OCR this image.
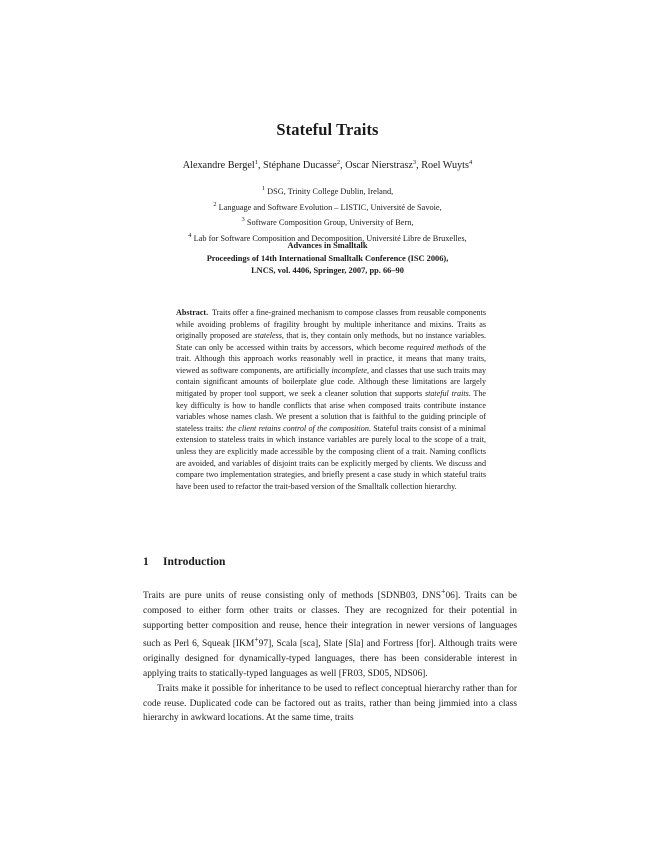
Stateful Traits
Alexandre Bergel$^1$, Stéphane Ducasse$^2$, Oscar Nierstrasz$^3$, Roel Wuyts$^4$
$^1$ DSG, Trinity College Dublin, Ireland,
$^2$ Language and Software Evolution – LISTIC, Université de Savoie,
$^3$ Software Composition Group, University of Bern,
$^4$ Lab for Software Composition and Decomposition, Université Libre de Bruxelles,
Advances in Smalltalk
Proceedings of 14th International Smalltalk Conference (ISC 2006),
LNCS, vol. 4406, Springer, 2007, pp. 66–90
Abstract. Traits offer a fine-grained mechanism to compose classes from reusable components while avoiding problems of fragility brought by multiple inheritance and mixins. Traits as originally proposed are stateless, that is, they contain only methods, but no instance variables. State can only be accessed within traits by accessors, which become required methods of the trait. Although this approach works reasonably well in practice, it means that many traits, viewed as software components, are artificially incomplete, and classes that use such traits may contain significant amounts of boilerplate glue code. Although these limitations are largely mitigated by proper tool support, we seek a cleaner solution that supports stateful traits. The key difficulty is how to handle conflicts that arise when composed traits contribute instance variables whose names clash. We present a solution that is faithful to the guiding principle of stateless traits: the client retains control of the composition. Stateful traits consist of a minimal extension to stateless traits in which instance variables are purely local to the scope of a trait, unless they are explicitly made accessible by the composing client of a trait. Naming conflicts are avoided, and variables of disjoint traits can be explicitly merged by clients. We discuss and compare two implementation strategies, and briefly present a case study in which stateful traits have been used to refactor the trait-based version of the Smalltalk collection hierarchy.
1 Introduction

Traits are pure units of reuse consisting only of methods [SDNB03, DNS+06]. Traits can be composed to either form other traits or classes. They are recognized for their potential in supporting better composition and reuse, hence their integration in newer versions of languages such as Perl 6, Squeak [IKM+97], Scala [sca], Slate [Sla] and Fortress [for]. Although traits were originally designed for dynamically-typed languages, there has been considerable interest in applying traits to statically-typed languages as well [FR03, SD05, NDS06].

Traits make it possible for inheritance to be used to reflect conceptual hierarchy rather than for code reuse. Duplicated code can be factored out as traits, rather than being jimmied into a class hierarchy in awkward locations. At the same time, traits
